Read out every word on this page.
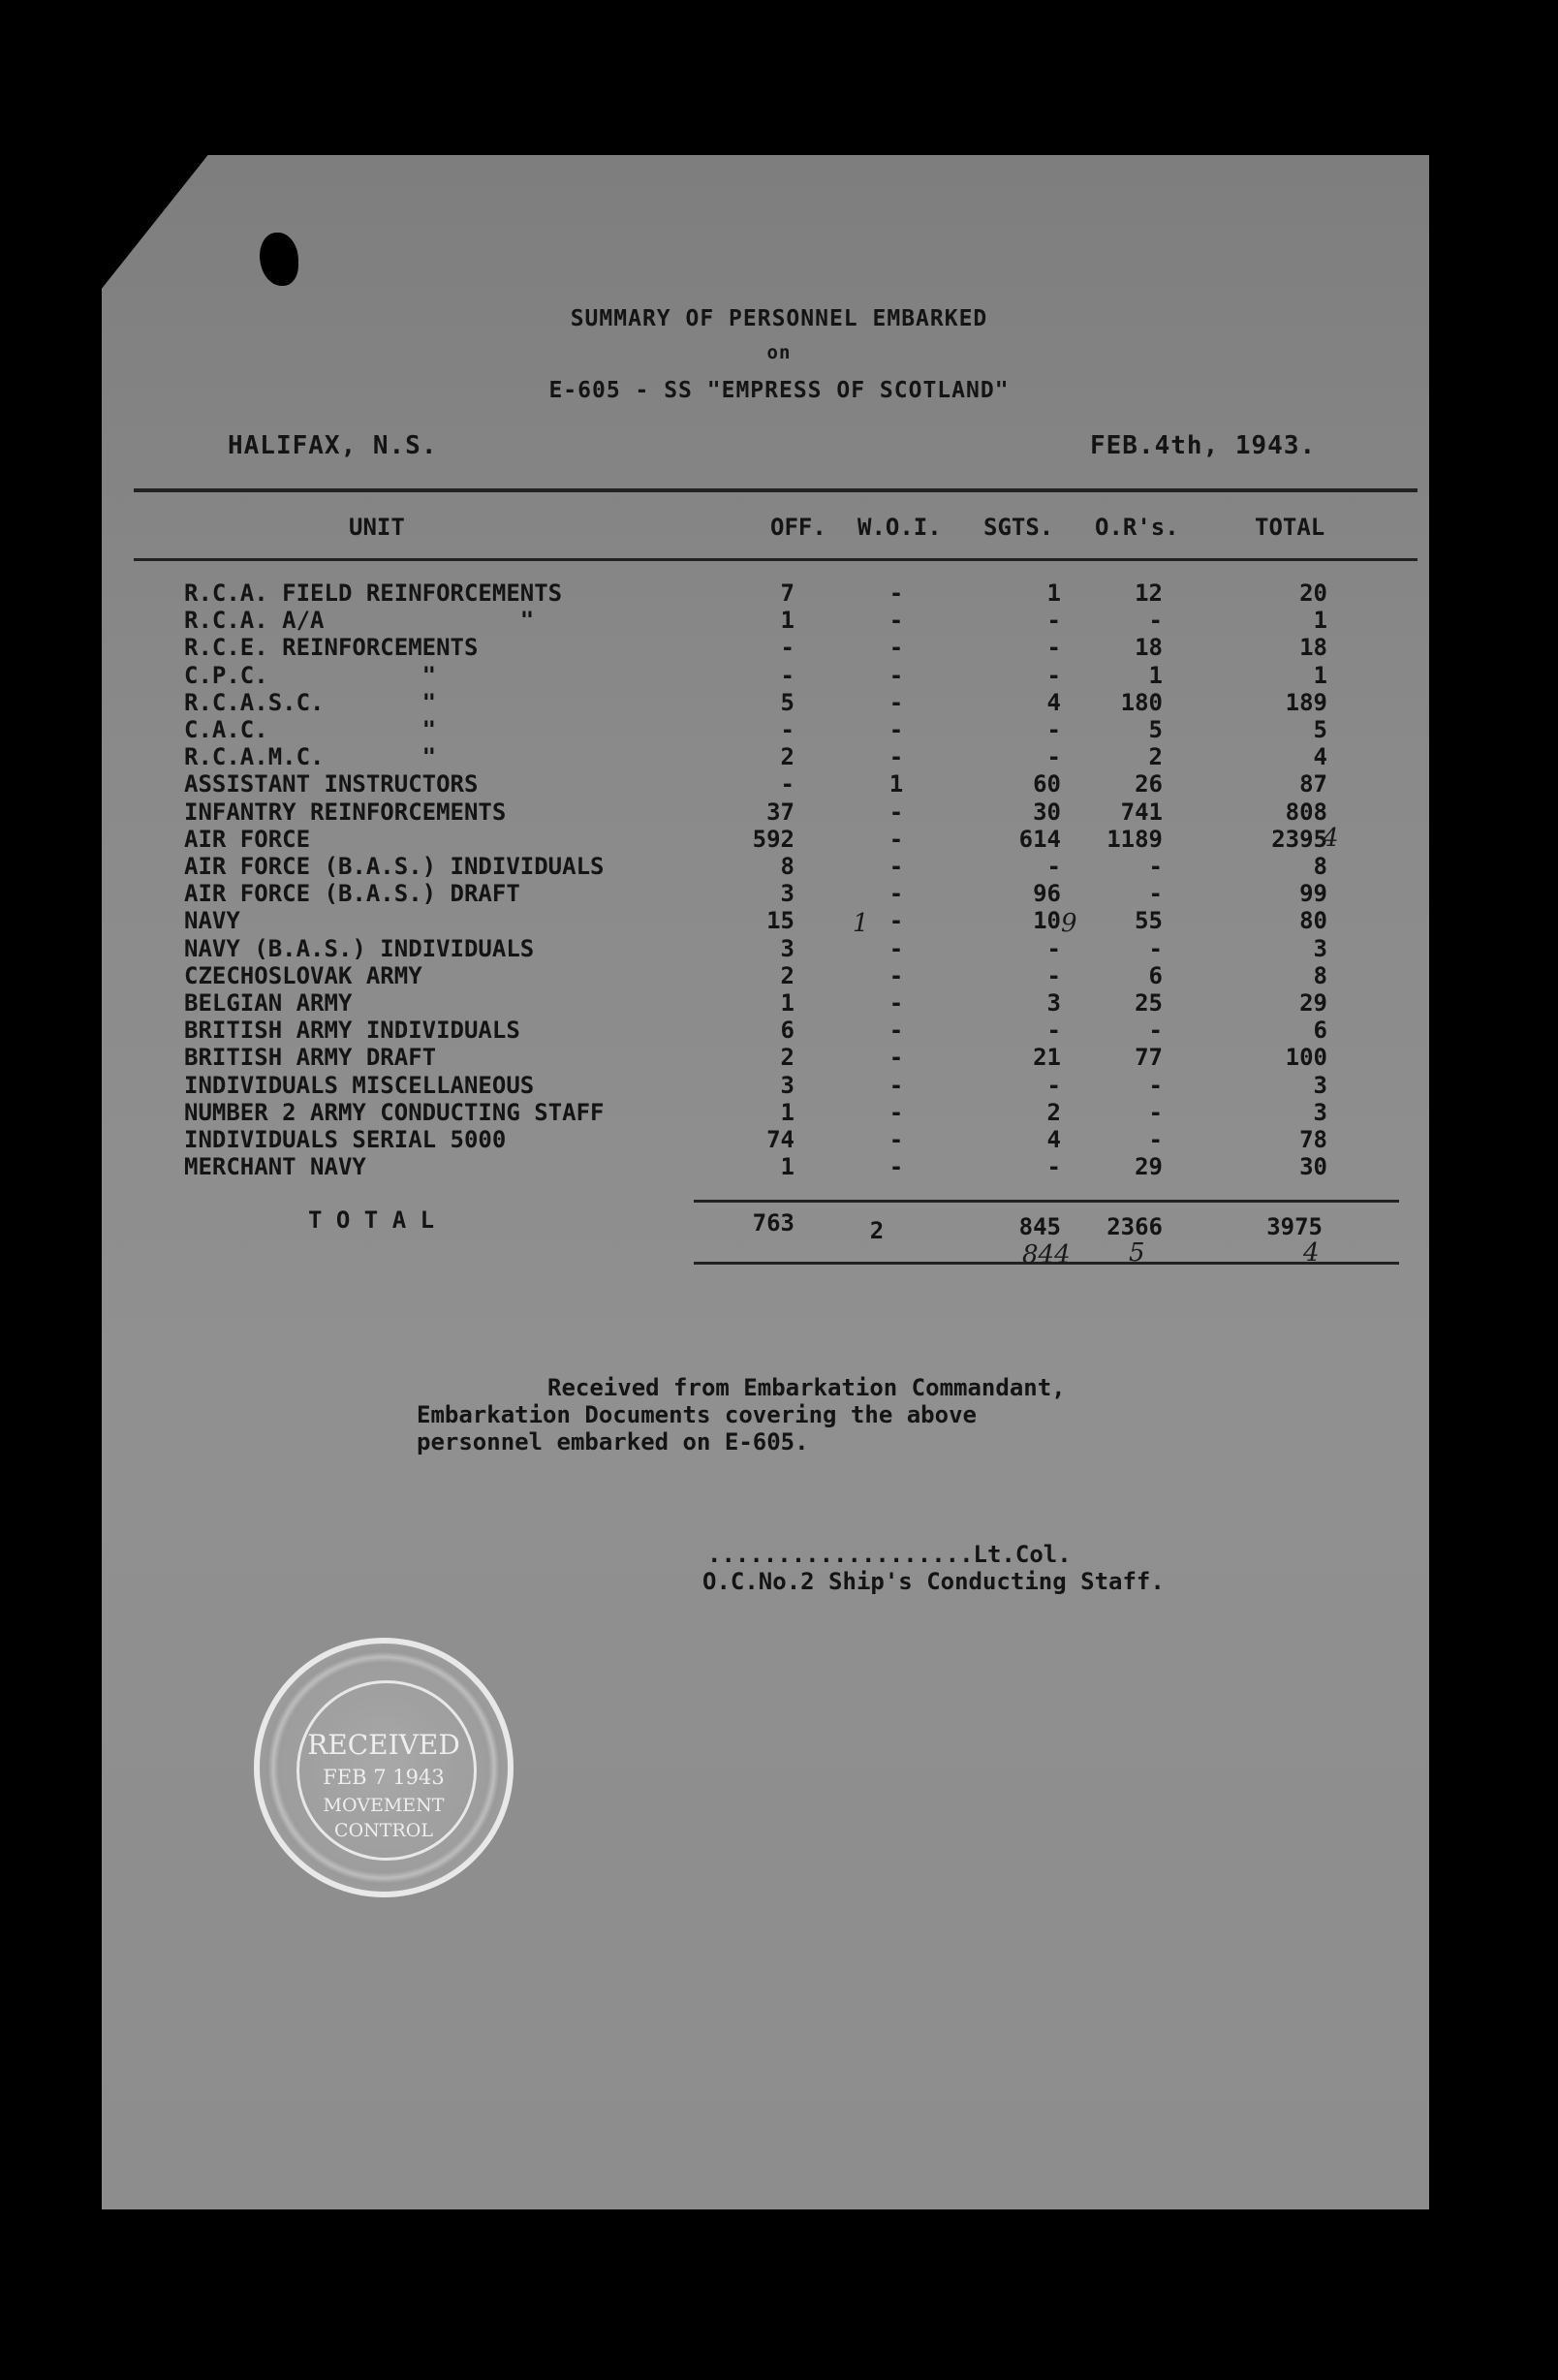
SUMMARY OF PERSONNEL EMBARKED
on
E-605 - SS "EMPRESS OF SCOTLAND"
HALIFAX, N.S.	FEB.4th, 1943.
UNIT	OFF. W.O.I. SGTS. O.R's.	TOTAL
R.C.A. FIELD REINFORCEMENTS	7	-	1	12	20
R.C.A. A/A              "	1	-	-	-	1
R.C.E. REINFORCEMENTS	-	-	-	18	18
C.P.C.           "	-	-	-	1	1
R.C.A.S.C.       "	5	-	4	180	189
C.A.C.           "	-	-	-	5	5
R.C.A.M.C.       "	2	-	-	2	4
ASSISTANT INSTRUCTORS	-	1	60	26	87
INFANTRY REINFORCEMENTS	37	-	30	741	808
AIR FORCE	592	-	614	1189	2395
AIR FORCE (B.A.S.) INDIVIDUALS	8	-	-	-	8
AIR FORCE (B.A.S.) DRAFT	3	-	96	-	99
NAVY	15	-	10	55	80
NAVY (B.A.S.) INDIVIDUALS	3	-	-	-	3
CZECHOSLOVAK ARMY	2	-	-	6	8
BELGIAN ARMY	1	-	3	25	29
BRITISH ARMY INDIVIDUALS	6	-	-	-	6
BRITISH ARMY DRAFT	2	-	21	77	100
INDIVIDUALS MISCELLANEOUS	3	-	-	-	3
NUMBER 2 ARMY CONDUCTING STAFF	1	-	2	-	3
INDIVIDUALS SERIAL 5000	74	-	4	-	78
MERCHANT NAVY	1	-	-	29	30
T O T A L	763	2	845	2366	3975
4
1	9
844 5	4
Received from Embarkation Commandant,
Embarkation Documents covering the above
personnel embarked on E-605.
...................Lt.Col.
O.C.No.2 Ship's Conducting Staff.
RECEIVED
FEB 7 1943
MOVEMENT
CONTROL
